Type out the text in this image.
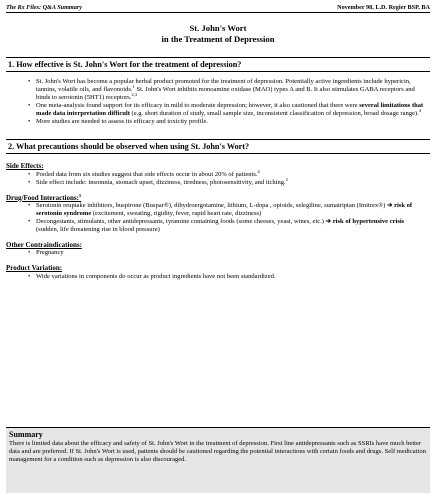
The Rx Files: Q&A Summary	November 98, L.D. Regier BSP, BA
St. John's Wort
in the Treatment of Depression
1. How effective is St. John's Wort for the treatment of depression?
• St. John's Wort has become a popular herbal product promoted for the treatment of depression. Potentially active ingredients include hypericin, tannins, volatile oils, and flavonoids.$^1$ St. John's Wort inhibits monoamine oxidase (MAO) types A and B. It also stimulates GABA receptors and binds to serotonin (5HT1) receptors.$^{2,3}$
• One meta-analysis found support for its efficacy in mild to moderate depression; however, it also cautioned that there were several limitations that made data interpretation difficult (e.g. short duration of study, small sample size, inconsistent classification of depression, broad dosage range).$^4$
• More studies are needed to assess its efficacy and toxicity profile.
2. What precautions should be observed when using St. John's Wort?
Side Effects:
• Pooled data from six studies suggest that side effects occur in about 20% of patients.$^4$
• Side effect include: insomnia, stomach upset, dizziness, tiredness, photosensitivity, and itching.$^2$
Drug/Food Interactions:$^5$
• Serotonin reuptake inhibitors, buspirone (Buspar®), dihydroergotamine, lithium, L-dopa , opioids, selegiline, sumatriptan (Imitrex®) ➔ risk of serotonin syndrome (excitement, sweating, rigidity, fever, rapid heart rate, dizziness)
• Decongestants, stimulants, other antidepressants, tyramine containing foods (some cheeses, yeast, wines, etc.) ➔ risk of hypertensive crisis (sudden, life threatening rise in blood pressure)
Other Contraindications:
• Pregnancy
Product Variation:
• Wide variations in components do occur as product ingredients have not been standardized.
Summary
There is limited data about the efficacy and safety of St. John's Wort in the treatment of depression. First line antidepressants such as SSRIs have much better data and are preferred. If St. John's Wort is used, patients should be cautioned regarding the potential interactions with certain foods and drugs. Self medication management for a condition such as depression is also discouraged.
